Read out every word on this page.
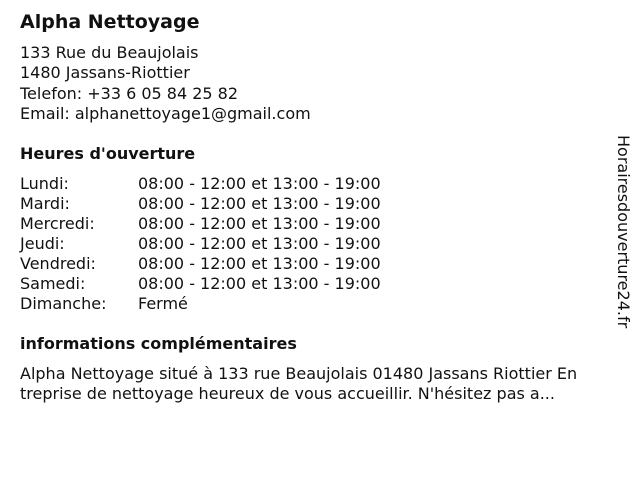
Alpha Nettoyage
133 Rue du Beaujolais
1480 Jassans-Riottier
Telefon: +33 6 05 84 25 82
Email: alphanettoyage1@gmail.com
Heures d'ouverture
Lundi:	08:00 - 12:00 et 13:00 - 19:00
Mardi:	08:00 - 12:00 et 13:00 - 19:00
Mercredi:	08:00 - 12:00 et 13:00 - 19:00
Jeudi:	08:00 - 12:00 et 13:00 - 19:00
Vendredi:	08:00 - 12:00 et 13:00 - 19:00
Samedi:	08:00 - 12:00 et 13:00 - 19:00
Dimanche: Fermé
informations complémentaires
Alpha Nettoyage situé à 133 rue Beaujolais 01480 Jassans Riottier En
treprise de nettoyage heureux de vous accueillir. N'hésitez pas a...
Horairesdouverture24.fr
